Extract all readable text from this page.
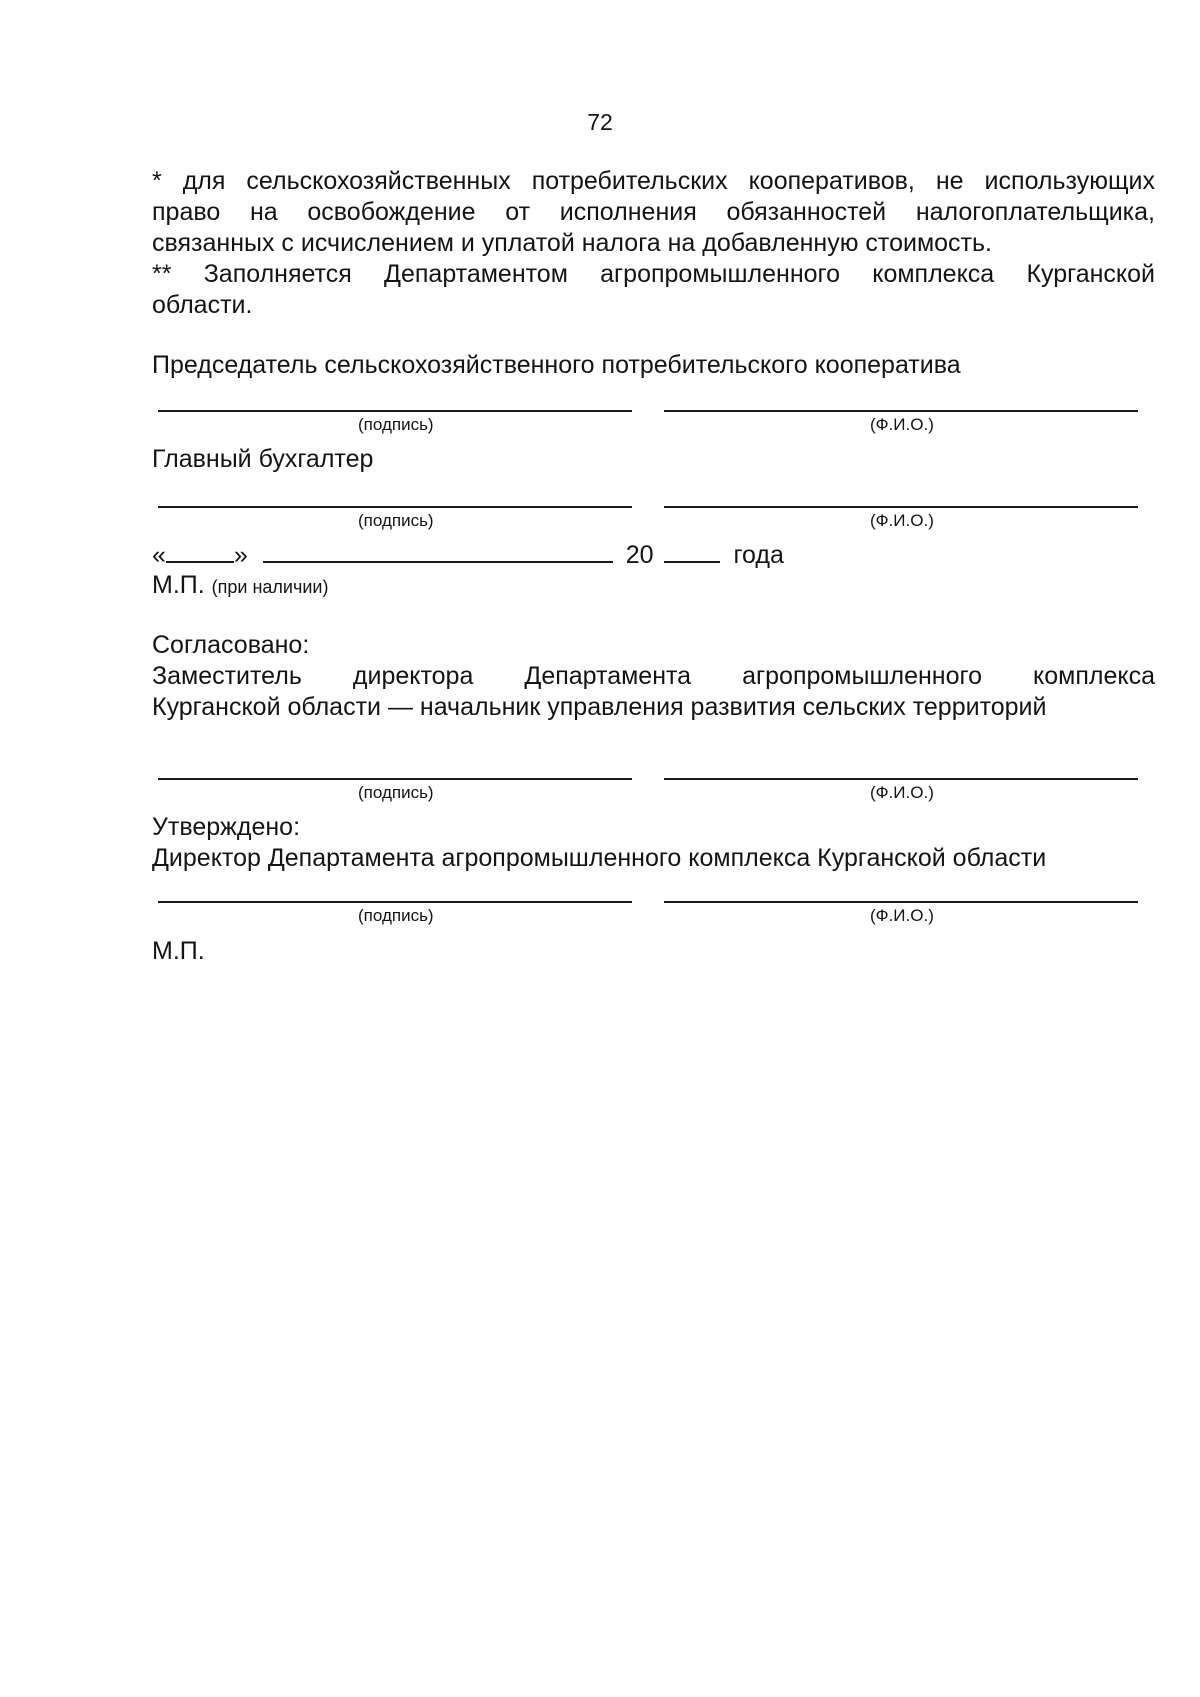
72
* для сельскохозяйственных потребительских кооперативов, не использующих
право на освобождение от исполнения обязанностей налогоплательщика,
связанных с исчислением и уплатой налога на добавленную стоимость.
** Заполняется Департаментом агропромышленного комплекса Курганской
области.
Председатель сельскохозяйственного потребительского кооператива
(подпись)	(Ф.И.О.)
Главный бухгалтер
(подпись)	(Ф.И.О.)
«	»	20	года
М.П. (при наличии)
Согласовано:
Заместитель директора Департамента агропромышленного комплекса
Курганской области — начальник управления развития сельских территорий
(подпись)	(Ф.И.О.)
Утверждено:
Директор Департамента агропромышленного комплекса Курганской области
(подпись)	(Ф.И.О.)
М.П.
